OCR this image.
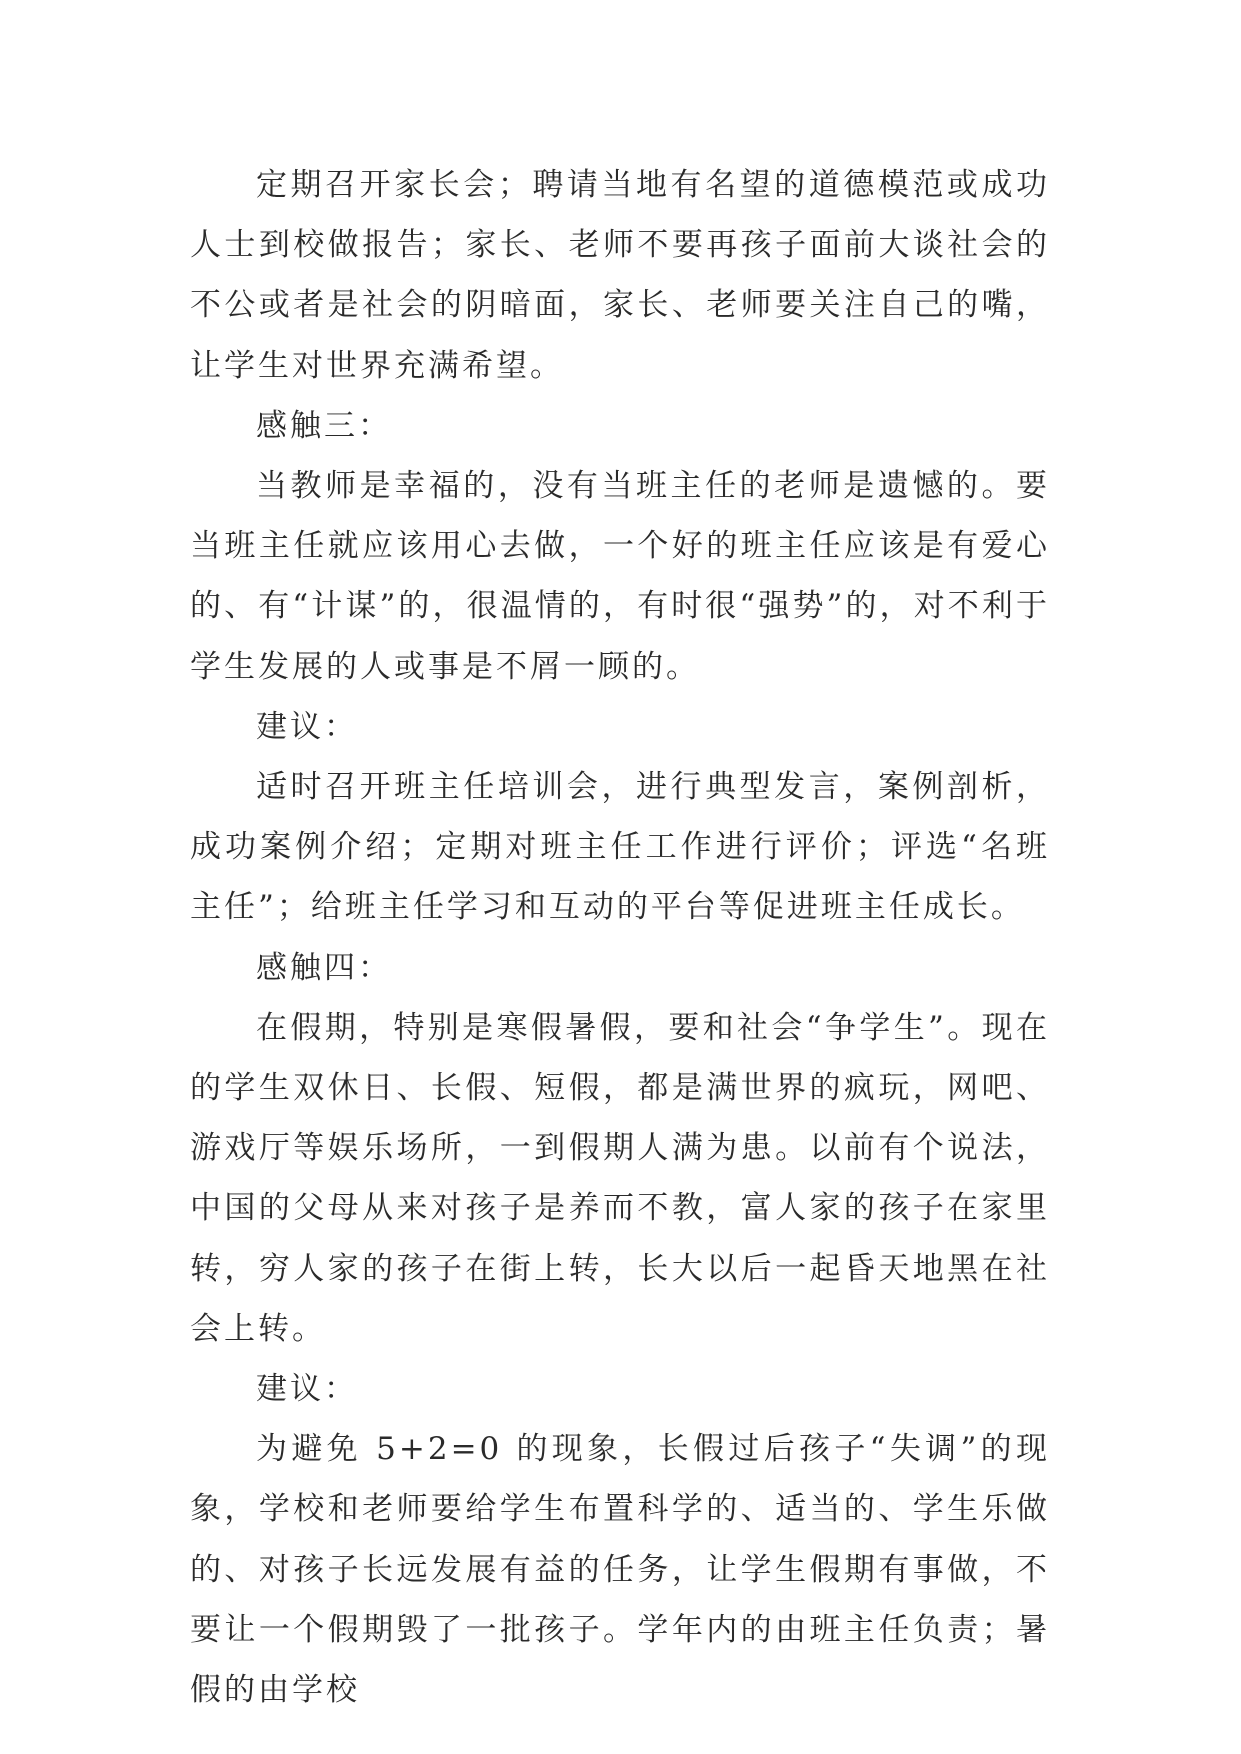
定期召开家长会；聘请当地有名望的道德模范或成功人士到校做报告；家长、老师不要再孩子面前大谈社会的不公或者是社会的阴暗面，家长、老师要关注自己的嘴，让学生对世界充满希望。

感触三：

当教师是幸福的，没有当班主任的老师是遗憾的。要当班主任就应该用心去做，一个好的班主任应该是有爱心的、有“计谋”的，很温情的，有时很“强势”的，对不利于学生发展的人或事是不屑一顾的。

建议：

适时召开班主任培训会，进行典型发言，案例剖析，成功案例介绍；定期对班主任工作进行评价；评选“名班主任”；给班主任学习和互动的平台等促进班主任成长。

感触四：

在假期，特别是寒假暑假，要和社会“争学生”。现在的学生双休日、长假、短假，都是满世界的疯玩，网吧、游戏厅等娱乐场所，一到假期人满为患。以前有个说法，中国的父母从来对孩子是养而不教，富人家的孩子在家里转，穷人家的孩子在街上转，长大以后一起昏天地黑在社会上转。

建议：

为避免 5+2=0 的现象，长假过后孩子“失调”的现象，学校和老师要给学生布置科学的、适当的、学生乐做的、对孩子长远发展有益的任务，让学生假期有事做，不要让一个假期毁了一批孩子。学年内的由班主任负责；暑假的由学校
